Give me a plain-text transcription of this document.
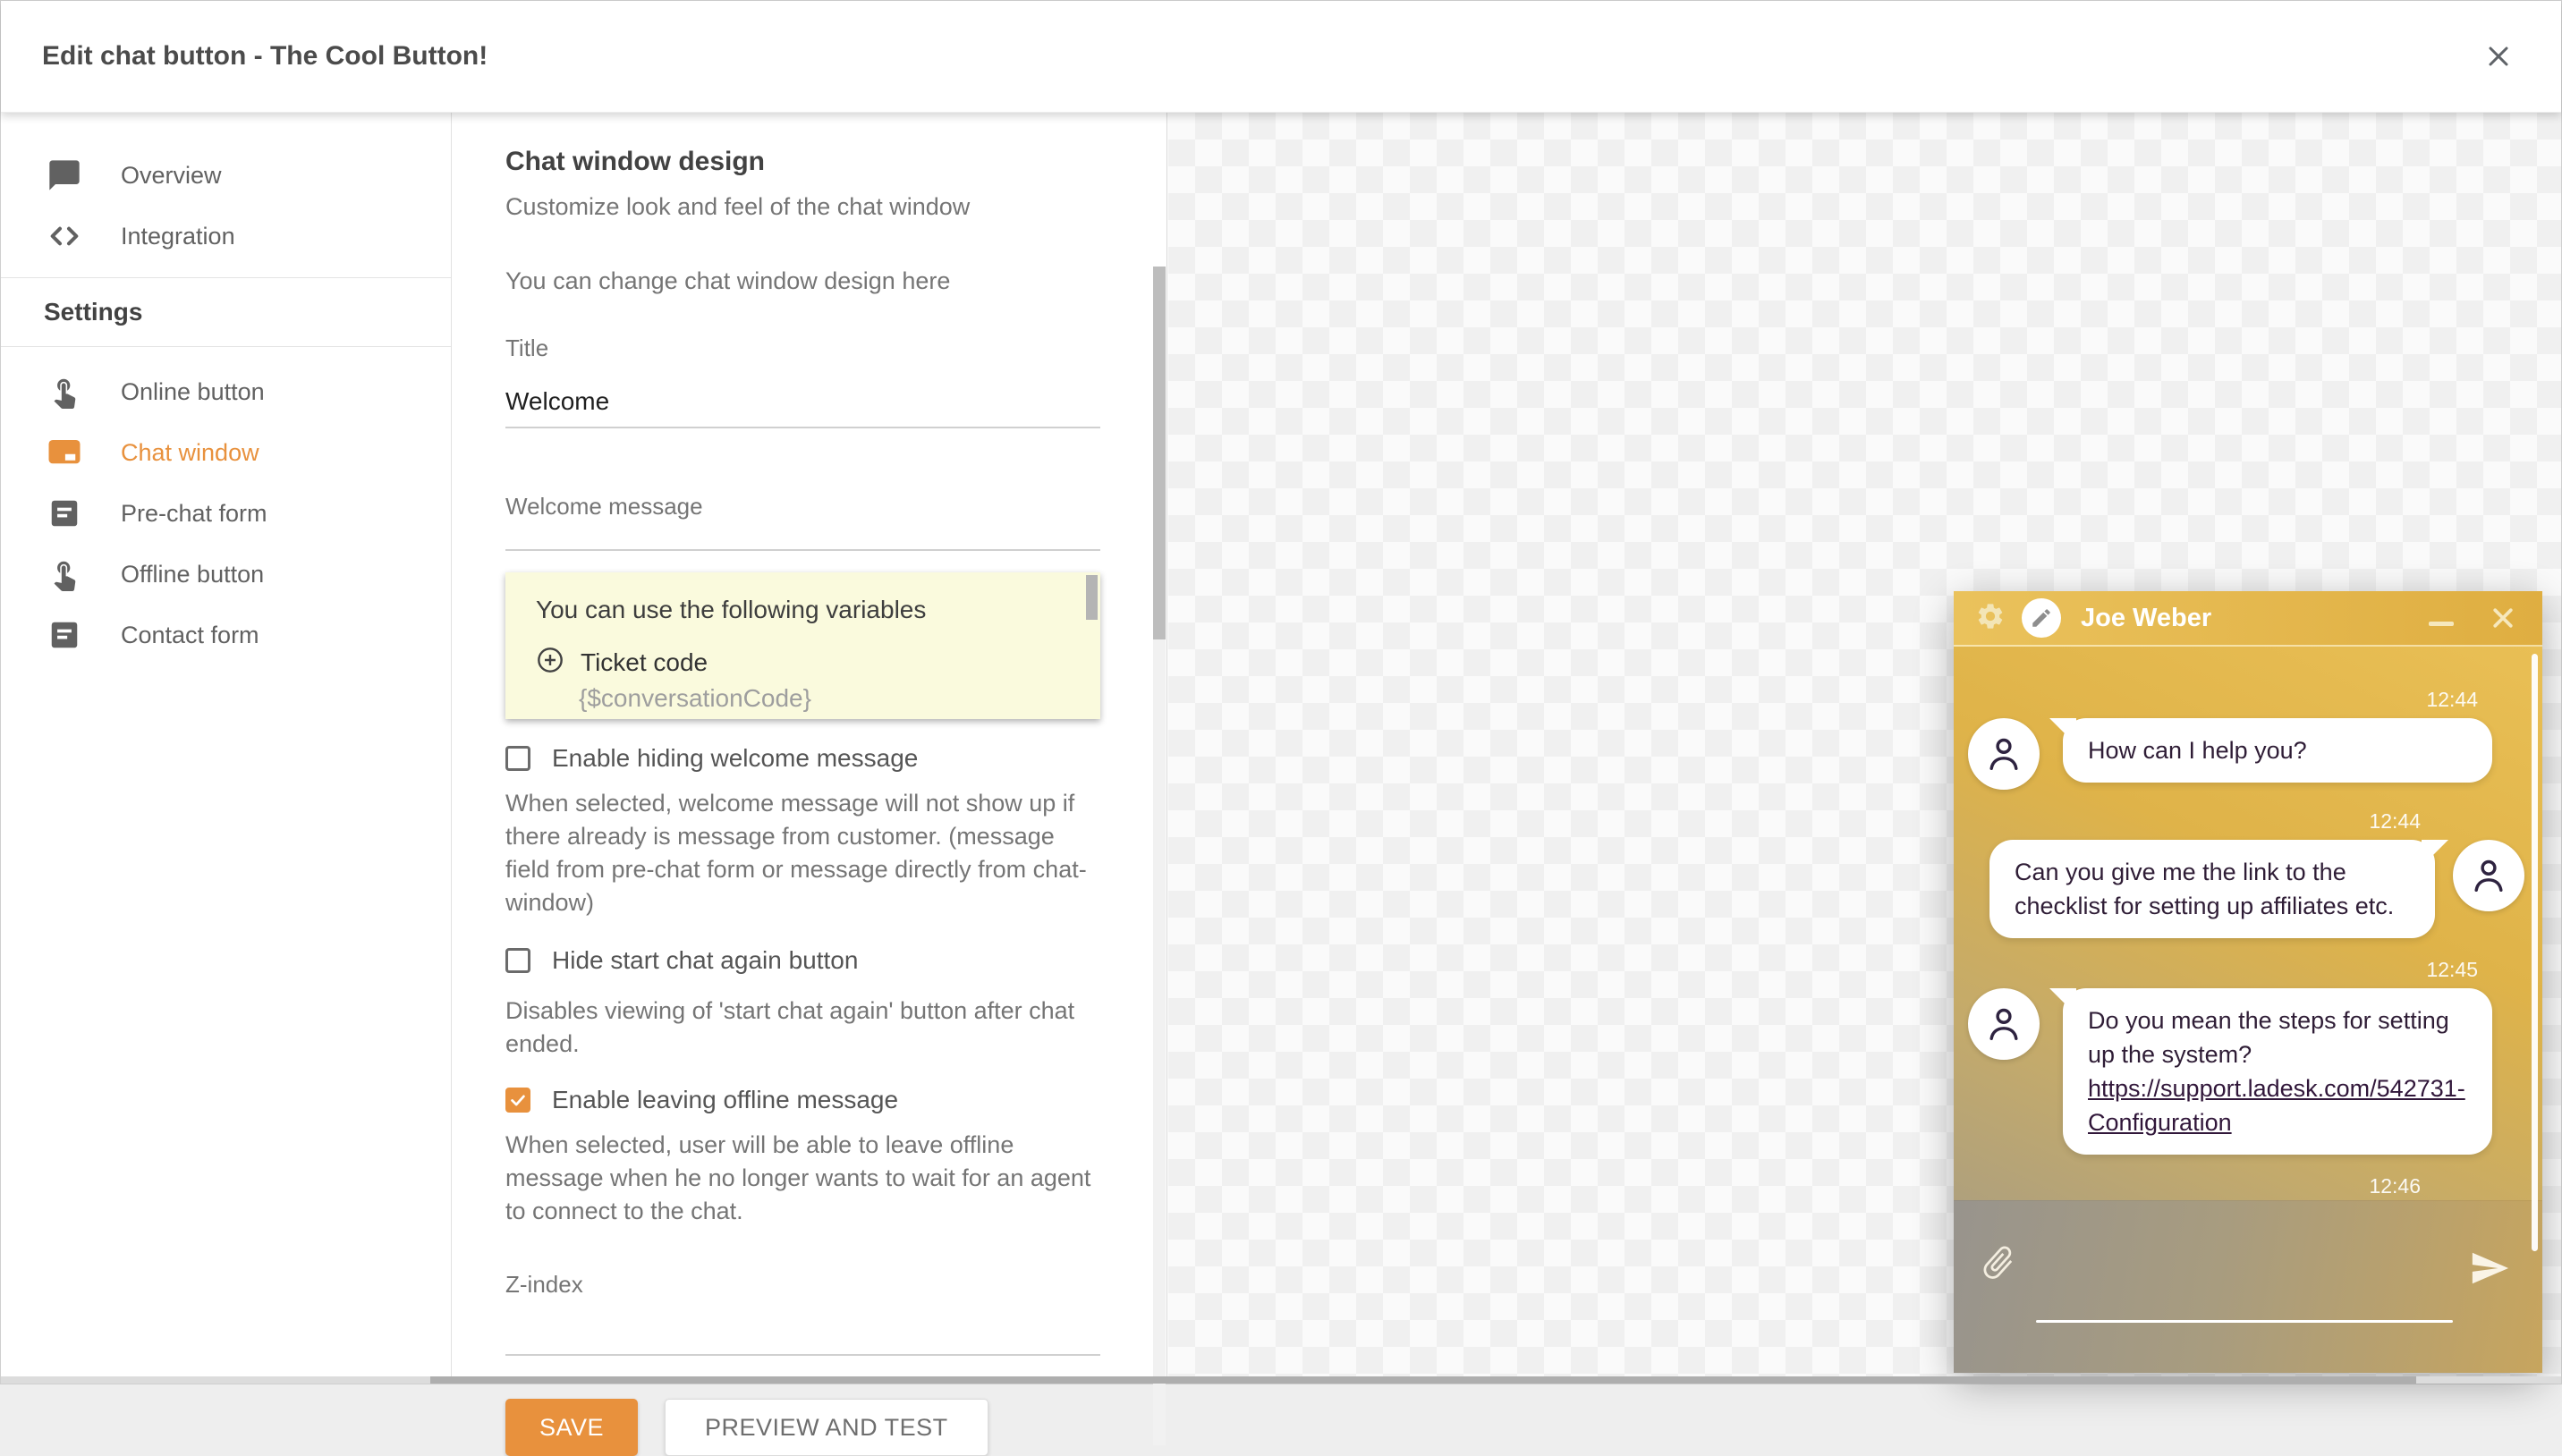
Edit chat button - The Cool Button!
Overview
Integration
Settings
Online button
Chat window
Pre-chat form
Offline button
Contact form
Chat window design
Customize look and feel of the chat window
You can change chat window design here
Title
Welcome
Welcome message
You can use the following variables
Ticket code
{$conversationCode}
Enable hiding welcome message
When selected, welcome message will not show up if there already is message from customer. (message field from pre-chat form or message directly from chat-window)
Hide start chat again button
Disables viewing of 'start chat again' button after chat ended.
Enable leaving offline message
When selected, user will be able to leave offline message when he no longer wants to wait for an agent to connect to the chat.
Z-index
SAVE	PREVIEW AND TEST
Joe Weber
12:44
How can I help you?
12:44
Can you give me the link to the checklist for setting up affiliates etc.
12:45
Do you mean the steps for setting up the system?
https://support.ladesk.com/542731-Configuration
12:46
